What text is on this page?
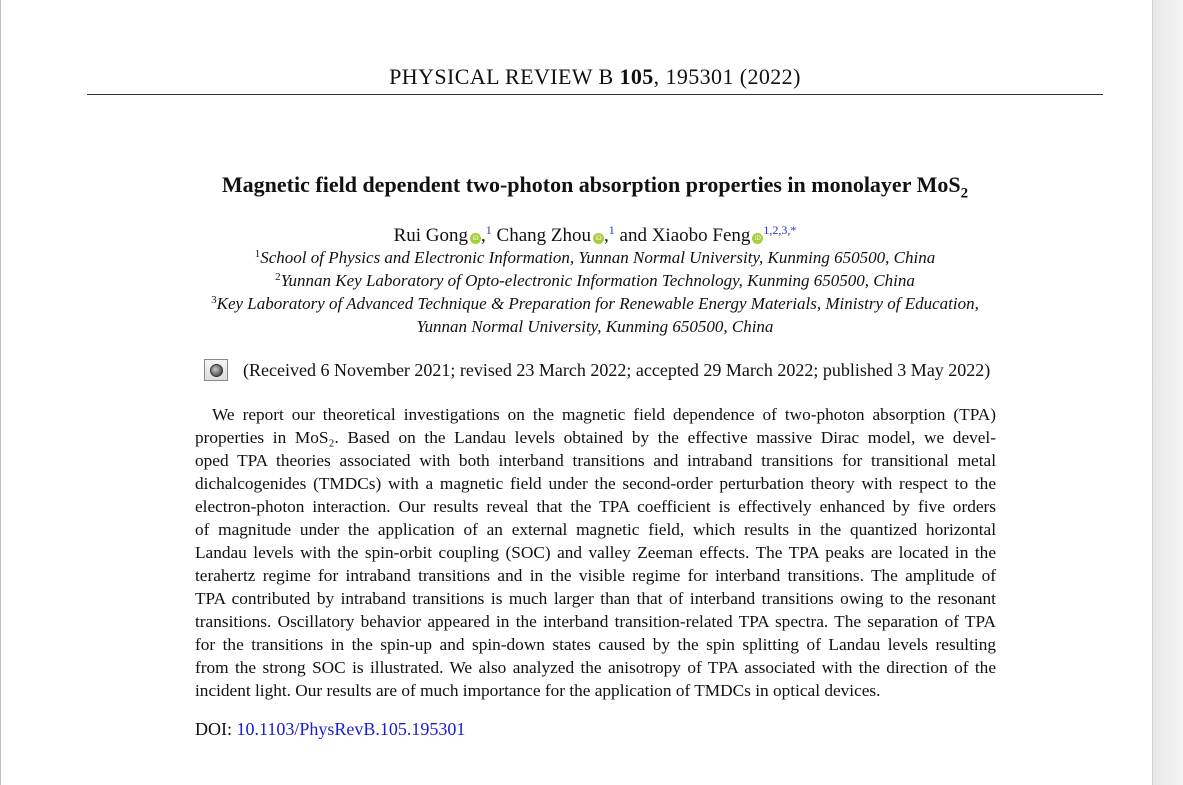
PHYSICAL REVIEW B 105, 195301 (2022)
Magnetic field dependent two-photon absorption properties in monolayer MoS$_2$
Rui Gong iD ,$^1$ Chang Zhou iD ,$^1$ and Xiaobo Feng iD$^{1,2,3,*}$
$^1$School of Physics and Electronic Information, Yunnan Normal University, Kunming 650500, China
$^2$Yunnan Key Laboratory of Opto-electronic Information Technology, Kunming 650500, China
$^3$Key Laboratory of Advanced Technique & Preparation for Renewable Energy Materials, Ministry of Education,
Yunnan Normal University, Kunming 650500, China
(Received 6 November 2021; revised 23 March 2022; accepted 29 March 2022; published 3 May 2022)
We report our theoretical investigations on the magnetic field dependence of two-photon absorption (TPA)
properties in MoS₂. Based on the Landau levels obtained by the effective massive Dirac model, we devel-
oped TPA theories associated with both interband transitions and intraband transitions for transitional metal
dichalcogenides (TMDCs) with a magnetic field under the second-order perturbation theory with respect to the
electron-photon interaction. Our results reveal that the TPA coefficient is effectively enhanced by five orders
of magnitude under the application of an external magnetic field, which results in the quantized horizontal
Landau levels with the spin-orbit coupling (SOC) and valley Zeeman effects. The TPA peaks are located in the
terahertz regime for intraband transitions and in the visible regime for interband transitions. The amplitude of
TPA contributed by intraband transitions is much larger than that of interband transitions owing to the resonant
transitions. Oscillatory behavior appeared in the interband transition-related TPA spectra. The separation of TPA
for the transitions in the spin-up and spin-down states caused by the spin splitting of Landau levels resulting
from the strong SOC is illustrated. We also analyzed the anisotropy of TPA associated with the direction of the
incident light. Our results are of much importance for the application of TMDCs in optical devices.
DOI: 10.1103/PhysRevB.105.195301
